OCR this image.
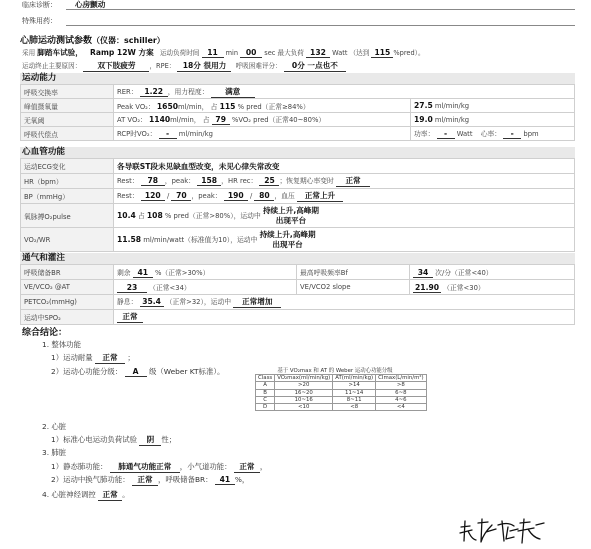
临床诊断： 心房颤动
特殊用药：
心肺运动测试参数（仪器：schiller）
采用 脚踏车试验， Ramp 12W 方案 运动负荷时间 11 min 00 sec 最大负荷 132 Watt （达到 115 %pred）。
运动终止主要原因： 双下肢疲劳 ，RPE： 18分 很用力 呼吸困难评分： 0分 一点也不
运动能力
呼吸交换率	RER： 1.22 ，用力程度： 满意	
峰值摄氧量	Peak VO₂： 1650ml/min， 占 115 % pred（正常≥84%）	27.5 ml/min/kg
无氧阈	AT VO₂： 1140ml/min， 占 79 %VO₂ pred（正常40~80%）	19.0 ml/min/kg
呼吸代偿点	RCP时VO₂： - ml/min/kg	功率： - Watt 心率： - bpm
心血管功能
运动ECG变化	各导联ST段未见缺血型改变，未见心律失常改变
HR（bpm）	Rest： 78 ，peak： 158 ，HR rec： 25 ；恢复期心率变时 正常
BP（mmHg）	Rest： 120 / 70 ，peak： 190 / 80 ，血压 正常上升
氧脉搏O₂pulse	10.4 占 108 % pred（正常>80%），运动中 持续上升,高峰期
出现平台
VO₂/WR	11.58 ml/min/watt（标准值为10），运动中 持续上升,高峰期
出现平台
通气和灌注
呼吸储备BR	剩余 41 %（正常>30%）	最高呼吸频率Bf	34 次/分（正常<40）
VE/VCO₂ @AT	23 （正常<34）	VE/VCO2 slope	21.90 （正常<30）
PETCO₂(mmHg)	静息： 35.4 （正常>32），运动中 正常增加		
运动中SPO₂	正常		
综合结论：
1. 整体功能
1）运动耐量 正常 ；
2）运动心功能分级： A 级（Weber KT标准）。	基于 VO₂max 和 AT 的 Weber 运动心功能分级
Class	VO₂max(ml/min/kg)	AT(ml/min/kg)	CImax(L/min/m²)
A	>20	>14	>8
B	16~20	11~14	6~8
C	10~16	8~11	4~6
D	<10	<8	<4
2. 心脏
1）标准心电运动负荷试验 阴 性；
3. 肺脏
1）静态肺功能： 肺通气功能正常 ，小气道功能： 正常 ，
2）运动中换气肺功能： 正常 ，呼吸储备BR： 41 %，
4. 心脏神经调控 正常 。
